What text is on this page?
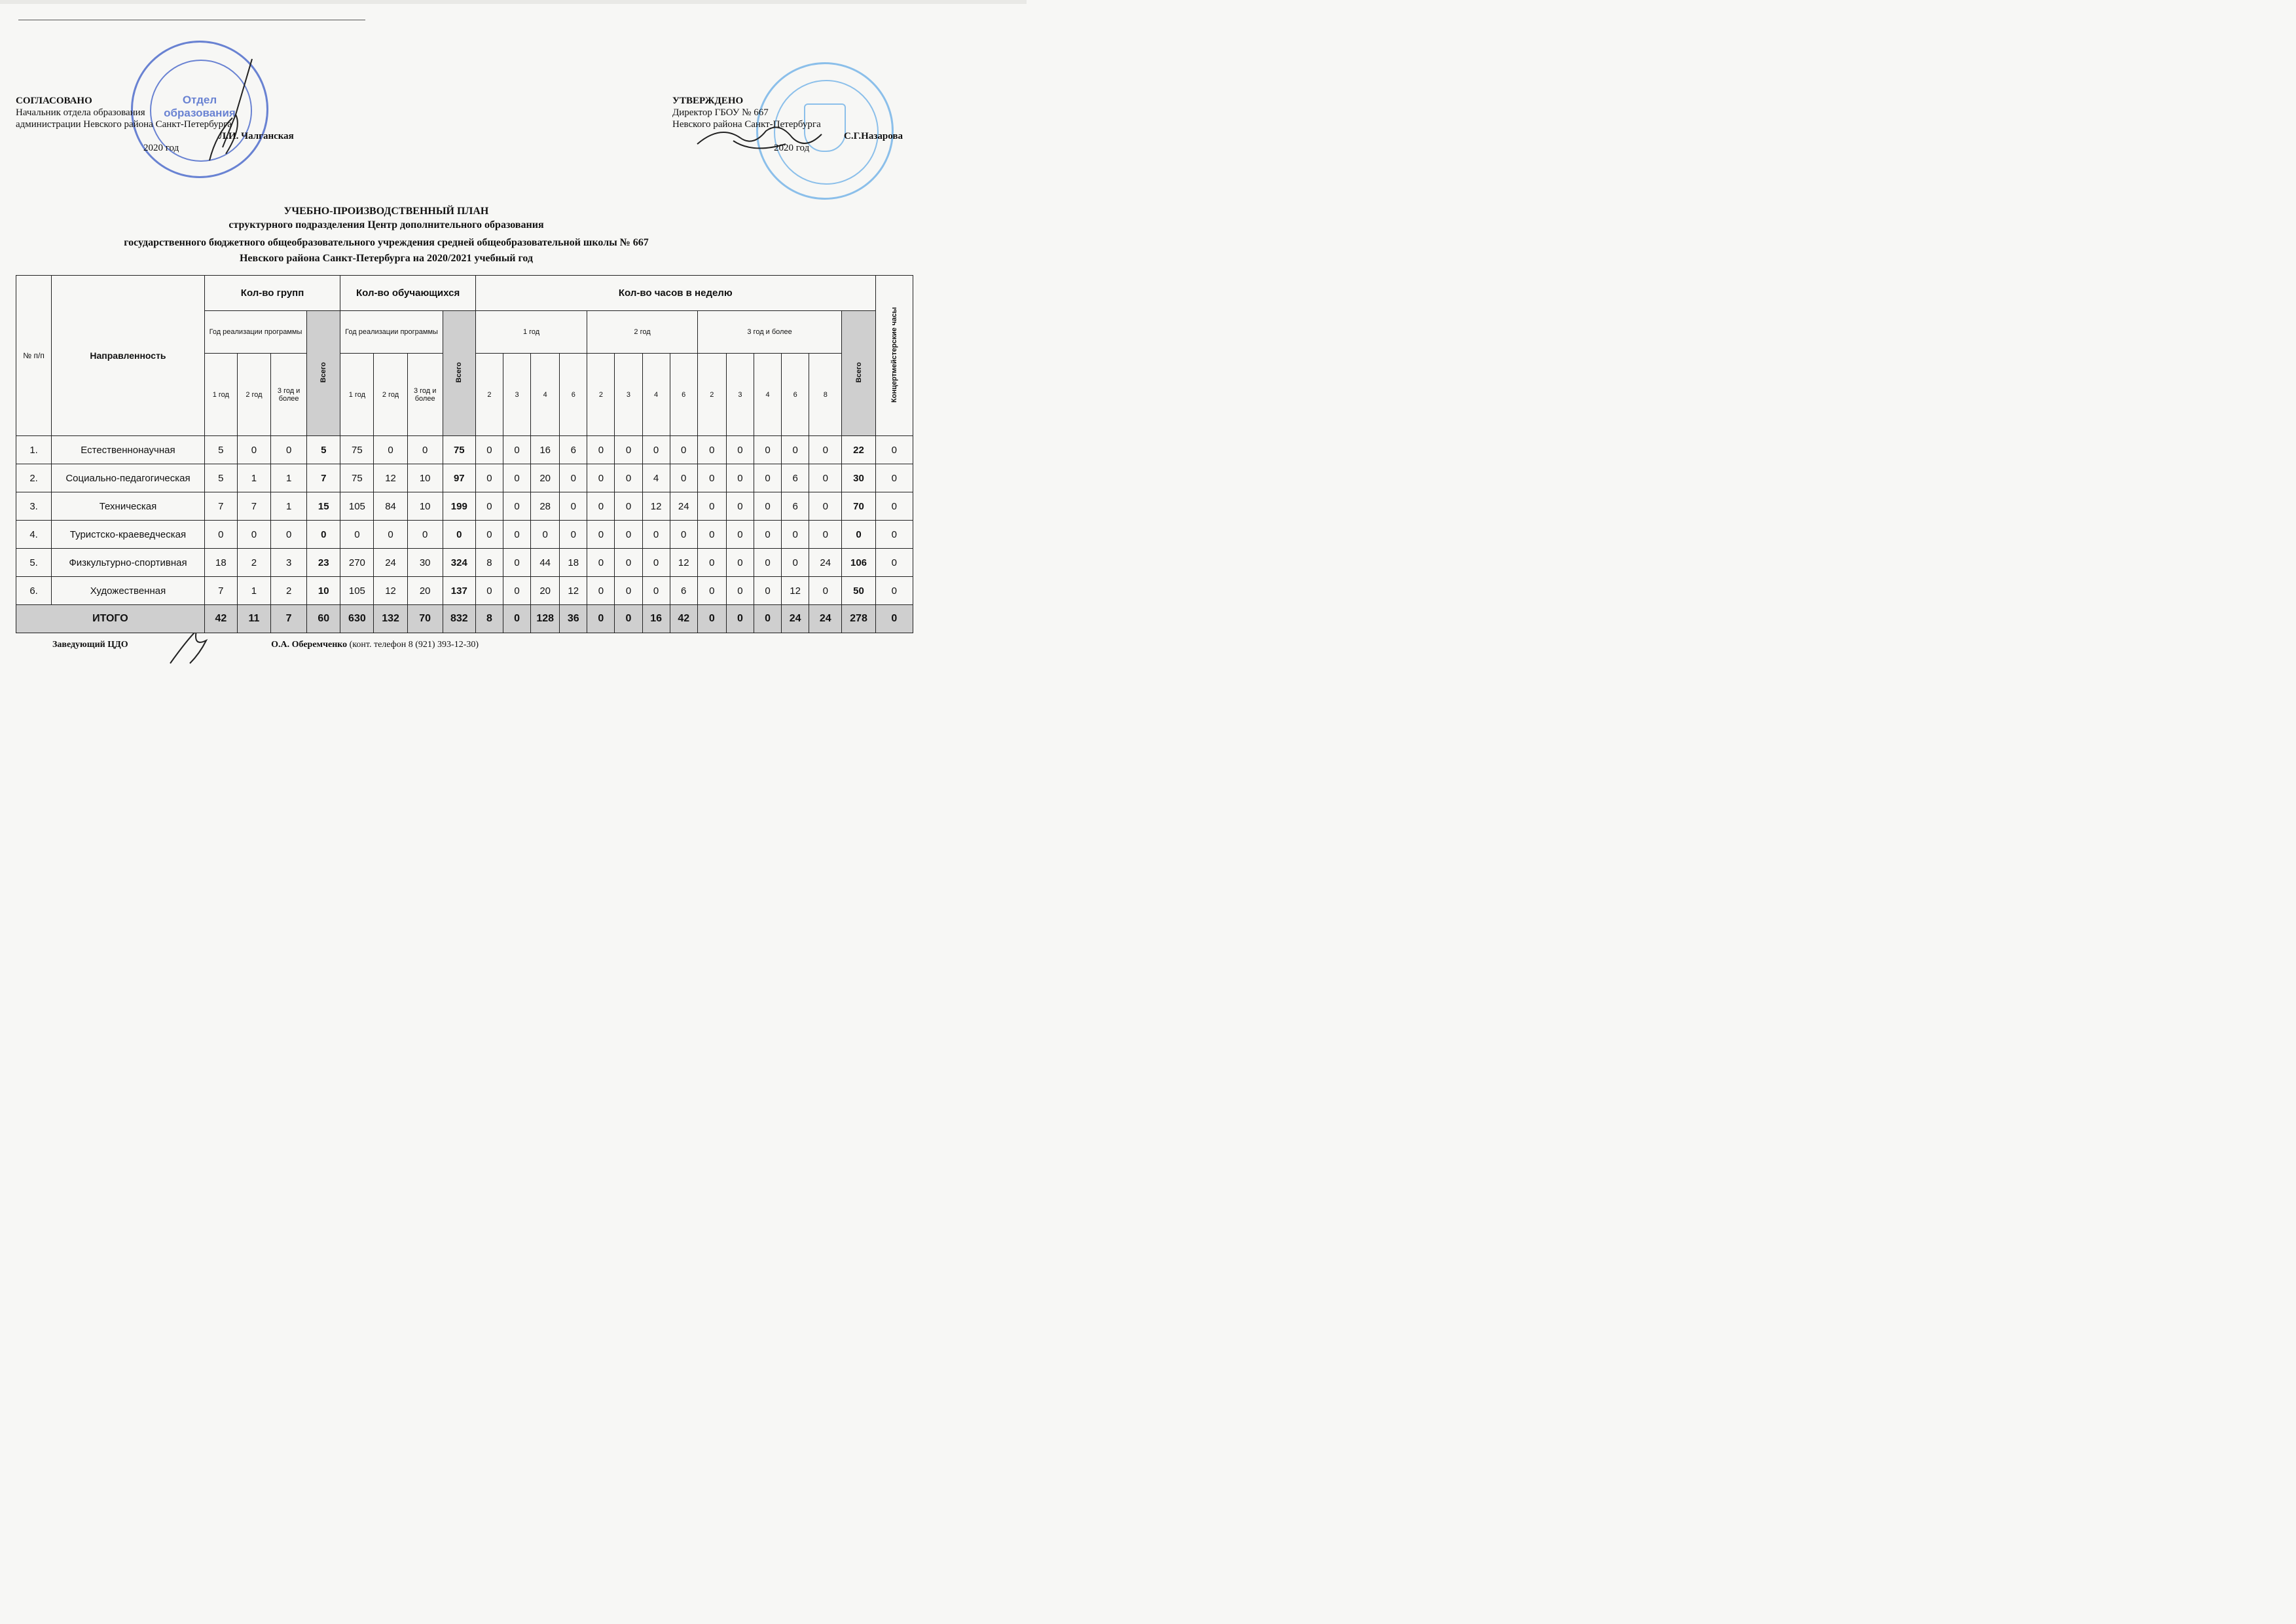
Отдел
образования
СОГЛАСОВАНО
Начальник отдела образования
администрации Невского района Санкт-Петербурга
Л.И. Чалганская
2020 год
УТВЕРЖДЕНО
Директор ГБОУ № 667
Невского района Санкт-Петербурга
С.Г.Назарова
2020 год
УЧЕБНО-ПРОИЗВОДСТВЕННЫЙ ПЛАН
структурного подразделения Центр дополнительного образования
государственного бюджетного общеобразовательного учреждения средней общеобразовательной школы № 667
Невского района Санкт-Петербурга на 2020/2021 учебный год
№ п/п	Направленность	Кол-во групп				Кол-во обучающихся				Кол-во часов в неделю														Концертмейстерские часы
		Год реализации программы			Всего	Год реализации программы			Всего	1 год				2 год				3 год и более					Всего	
		1 год	2 год	3 год и более		1 год	2 год	3 год и более		2	3	4	6	2	3	4	6	2	3	4	6	8		
1.	Естественнонаучная	5	0	0	5	75	0	0	75	0	0	16	6	0	0	0	0	0	0	0	0	0	22	0
2.	Социально-педагогическая	5	1	1	7	75	12	10	97	0	0	20	0	0	0	4	0	0	0	0	6	0	30	0
3.	Техническая	7	7	1	15	105	84	10	199	0	0	28	0	0	0	12	24	0	0	0	6	0	70	0
4.	Туристско-краеведческая	0	0	0	0	0	0	0	0	0	0	0	0	0	0	0	0	0	0	0	0	0	0	0
5.	Физкультурно-спортивная	18	2	3	23	270	24	30	324	8	0	44	18	0	0	0	12	0	0	0	0	24	106	0
6.	Художественная	7	1	2	10	105	12	20	137	0	0	20	12	0	0	0	6	0	0	0	12	0	50	0
ИТОГО		42	11	7	60	630	132	70	832	8	0	128	36	0	0	16	42	0	0	0	24	24	278	0
Заведующий ЦДО	О.А. Оберемченко (конт. телефон 8 (921) 393-12-30)
